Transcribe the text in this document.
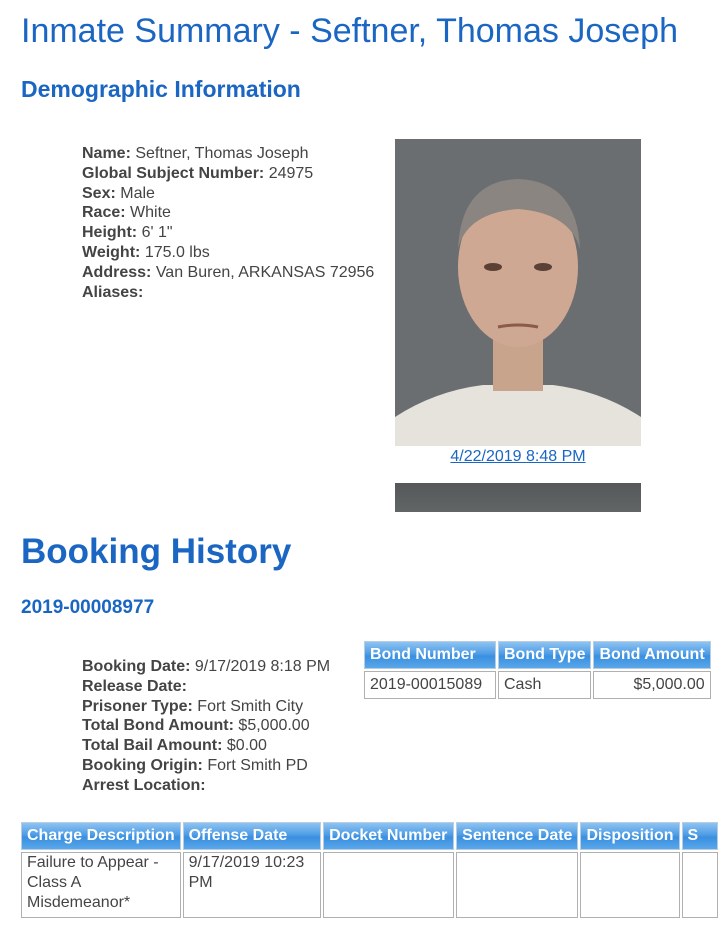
Inmate Summary - Seftner, Thomas Joseph
Demographic Information
Name: Seftner, Thomas Joseph
Global Subject Number: 24975
Sex: Male
Race: White
Height: 6' 1"
Weight: 175.0 lbs
Address: Van Buren, ARKANSAS 72956
Aliases:
4/22/2019 8:48 PM
Booking History
2019-00008977
Booking Date: 9/17/2019 8:18 PM
Release Date:
Prisoner Type: Fort Smith City
Total Bond Amount: $5,000.00
Total Bail Amount: $0.00
Booking Origin: Fort Smith PD
Arrest Location:
Bond Number	Bond Type	Bond Amount
2019-00015089	Cash	$5,000.00
Charge Description	Offense Date	Docket Number	Sentence Date	Disposition	S
Failure to Appear - Class A Misdemeanor*	9/17/2019 10:23 PM				
